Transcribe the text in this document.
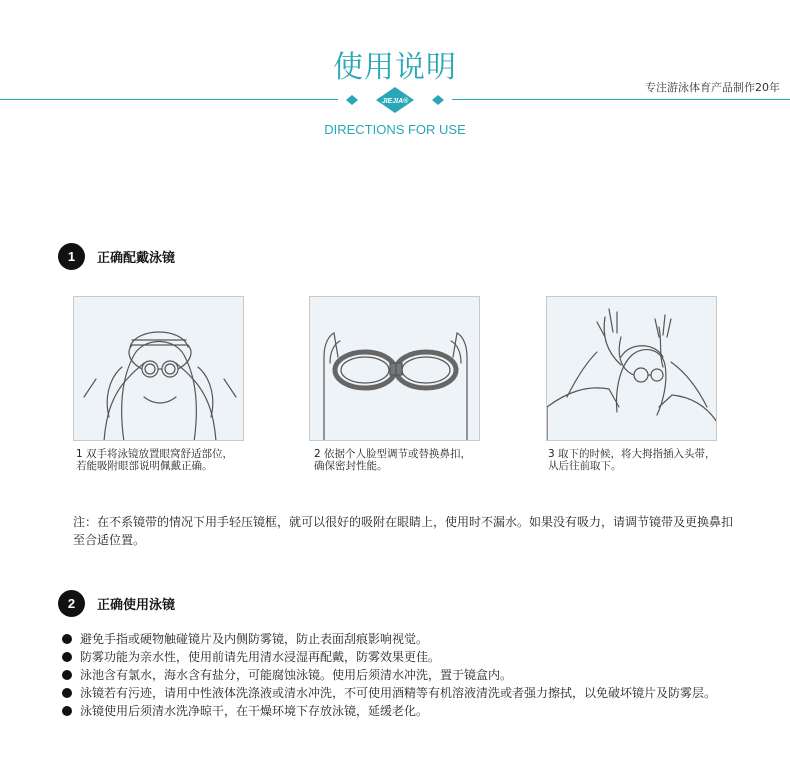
使用说明
专注游泳体育产品制作20年
JIEJIA®
DIRECTIONS FOR USE
1	正确配戴泳镜
1 双手将泳镜放置眼窝舒适部位，
若能吸附眼部说明佩戴正确。
2 依据个人脸型调节或替换鼻扣，
确保密封性能。
3 取下的时候，将大拇指插入头带，
从后往前取下。
注：在不系镜带的情况下用手轻压镜框，就可以很好的吸附在眼睛上，使用时不漏水。如果没有吸力，请调节镜带及更换鼻扣至合适位置。
2	正确使用泳镜
避免手指或硬物触碰镜片及内侧防雾镜，防止表面刮痕影响视觉。
防雾功能为亲水性，使用前请先用清水浸湿再配戴，防雾效果更佳。
泳池含有氯水，海水含有盐分，可能腐蚀泳镜。使用后须清水冲洗，置于镜盒内。
泳镜若有污迹，请用中性液体洗涤液或清水冲洗，不可使用酒精等有机溶液清洗或者强力擦拭，以免破坏镜片及防雾层。
泳镜使用后须清水洗净晾干，在干燥环境下存放泳镜，延缓老化。
